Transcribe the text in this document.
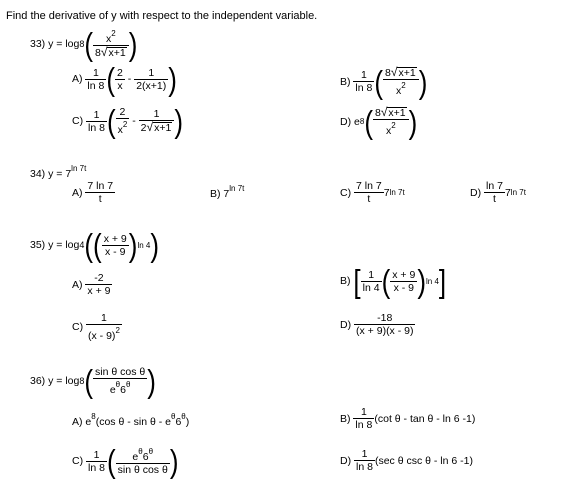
Find the derivative of y with respect to the independent variable.
33)
y = log 8 ( $\frac{x^2}{8√x+1}$ )
A)
$\frac{1}{\ln 8}$ ( $\frac{2}{x}$
-
$\frac{1}{2(x+1)}$ )	B)
$\frac{1}{\ln 8}$ ( $\frac{8√x+1}{x^2}$ )
C)
$\frac{1}{\ln 8}$ ( $\frac{2}{x^2}$
-
$\frac{1}{2√x+1}$ )	D)
e 8 ( $\frac{8√x+1}{x^2}$ )
34) $y = 7^{ln 7t}$
A)
$\frac{7 \ln 7}{t}$	B) $7^{ln 7t}$	C)
$\frac{7 \ln 7}{t} 7$ ln 7t	D)
$\frac{\ln 7}{t} 7$ ln 7t
35)
y = log 4 ( ( $\frac{x + 9}{x - 9}$ ) ln 4 )
A)
$\frac{-2}{x + 9}$	B)
[ $\frac{1}{\ln 4}$ ( $\frac{x + 9}{x - 9}$ ) ln 4 ]
C)
$\frac{1}{(x - 9)^2}$	D)
$\frac{-18}{(x + 9)(x - 9)}$
36)
y = log 8 ( $\frac{\text{sin θ cos θ}}{e^\theta 6^\theta}$ )
A) $e^8(\cos$ θ - sin θ - $e^\theta 6^\theta$)	B)
$\frac{1}{\ln 8} (\cot$ θ - tan θ - ln 6 -1)
C)
$\frac{1}{\ln 8}$ ( $\frac{e^\theta 6^\theta}{\text{sin θ cos θ}}$ )	D)
$\frac{1}{\ln 8} (\sec$ θ csc θ - ln 6 -1)
